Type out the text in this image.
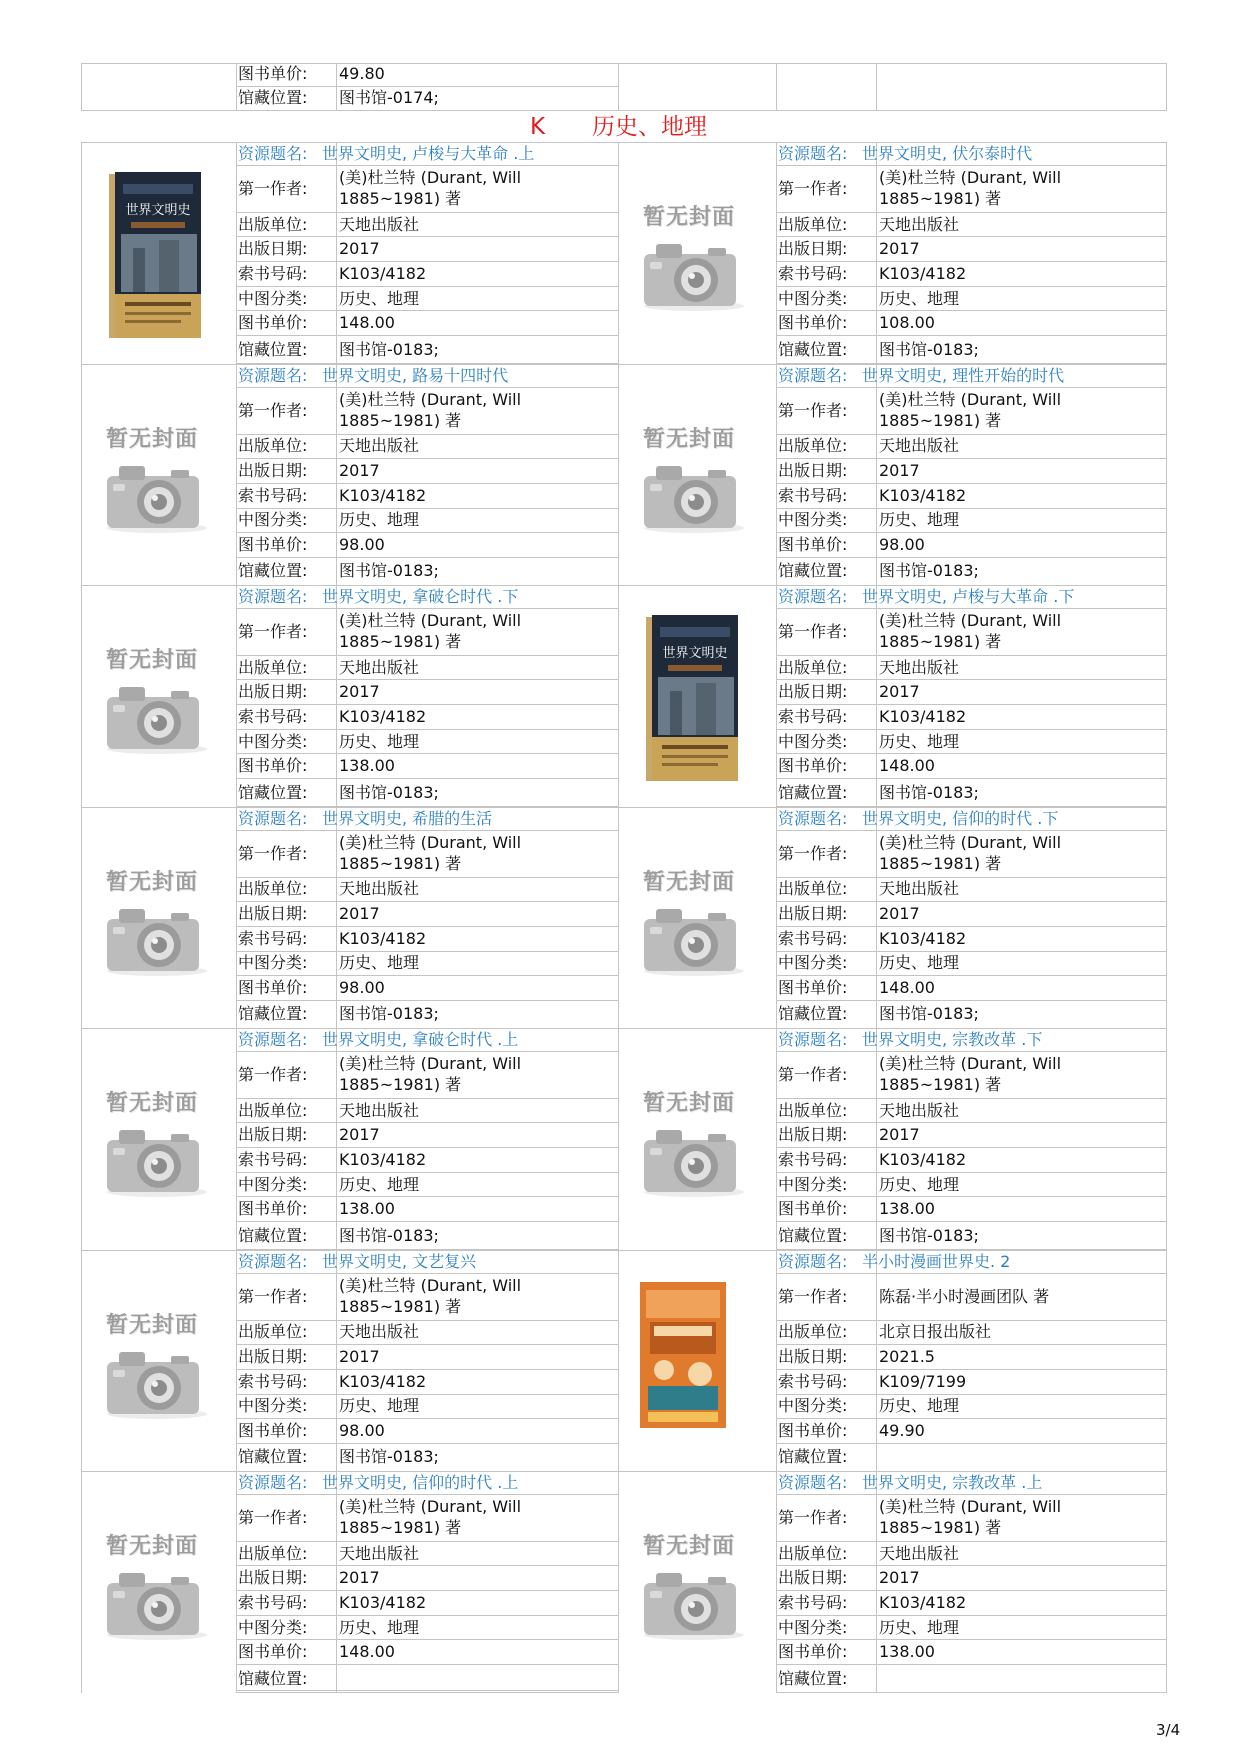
图书单价: 49.80
馆藏位置: 图书馆-0174;
K 历史、地理
资源题名: 世界文明史, 卢梭与大革命 .上
第一作者:
(美)杜兰特 (Durant, Will
1885~1981) 著
出版单位: 天地出版社
出版日期: 2017
索书号码: K103/4182
中图分类: 历史、地理
图书单价: 148.00
馆藏位置: 图书馆-0183;
世界文明史
资源题名: 世界文明史, 伏尔泰时代
第一作者:
(美)杜兰特 (Durant, Will
1885~1981) 著
出版单位: 天地出版社
出版日期: 2017
索书号码: K103/4182
中图分类: 历史、地理
图书单价: 108.00
馆藏位置: 图书馆-0183;
暂无封面
资源题名: 世界文明史, 路易十四时代
第一作者:
(美)杜兰特 (Durant, Will
1885~1981) 著
出版单位: 天地出版社
出版日期: 2017
索书号码: K103/4182
中图分类: 历史、地理
图书单价: 98.00
馆藏位置: 图书馆-0183;
暂无封面
资源题名: 世界文明史, 理性开始的时代
第一作者:
(美)杜兰特 (Durant, Will
1885~1981) 著
出版单位: 天地出版社
出版日期: 2017
索书号码: K103/4182
中图分类: 历史、地理
图书单价: 98.00
馆藏位置: 图书馆-0183;
暂无封面
资源题名: 世界文明史, 拿破仑时代 .下
第一作者:
(美)杜兰特 (Durant, Will
1885~1981) 著
出版单位: 天地出版社
出版日期: 2017
索书号码: K103/4182
中图分类: 历史、地理
图书单价: 138.00
馆藏位置: 图书馆-0183;
暂无封面
资源题名: 世界文明史, 卢梭与大革命 .下
第一作者:
(美)杜兰特 (Durant, Will
1885~1981) 著
出版单位: 天地出版社
出版日期: 2017
索书号码: K103/4182
中图分类: 历史、地理
图书单价: 148.00
馆藏位置: 图书馆-0183;
世界文明史
资源题名: 世界文明史, 希腊的生活
第一作者:
(美)杜兰特 (Durant, Will
1885~1981) 著
出版单位: 天地出版社
出版日期: 2017
索书号码: K103/4182
中图分类: 历史、地理
图书单价: 98.00
馆藏位置: 图书馆-0183;
暂无封面
资源题名: 世界文明史, 信仰的时代 .下
第一作者:
(美)杜兰特 (Durant, Will
1885~1981) 著
出版单位: 天地出版社
出版日期: 2017
索书号码: K103/4182
中图分类: 历史、地理
图书单价: 148.00
馆藏位置: 图书馆-0183;
暂无封面
资源题名: 世界文明史, 拿破仑时代 .上
第一作者:
(美)杜兰特 (Durant, Will
1885~1981) 著
出版单位: 天地出版社
出版日期: 2017
索书号码: K103/4182
中图分类: 历史、地理
图书单价: 138.00
馆藏位置: 图书馆-0183;
暂无封面
资源题名: 世界文明史, 宗教改革 .下
第一作者:
(美)杜兰特 (Durant, Will
1885~1981) 著
出版单位: 天地出版社
出版日期: 2017
索书号码: K103/4182
中图分类: 历史、地理
图书单价: 138.00
馆藏位置: 图书馆-0183;
暂无封面
资源题名: 世界文明史, 文艺复兴
第一作者:
(美)杜兰特 (Durant, Will
1885~1981) 著
出版单位: 天地出版社
出版日期: 2017
索书号码: K103/4182
中图分类: 历史、地理
图书单价: 98.00
馆藏位置: 图书馆-0183;
暂无封面
资源题名: 半小时漫画世界史. 2
第一作者: 陈磊·半小时漫画团队 著
出版单位: 北京日报出版社
出版日期: 2021.5
索书号码: K109/7199
中图分类: 历史、地理
图书单价: 49.90
馆藏位置:
资源题名: 世界文明史, 信仰的时代 .上
第一作者:
(美)杜兰特 (Durant, Will
1885~1981) 著
出版单位: 天地出版社
出版日期: 2017
索书号码: K103/4182
中图分类: 历史、地理
图书单价: 148.00
馆藏位置:
暂无封面
资源题名: 世界文明史, 宗教改革 .上
第一作者:
(美)杜兰特 (Durant, Will
1885~1981) 著
出版单位: 天地出版社
出版日期: 2017
索书号码: K103/4182
中图分类: 历史、地理
图书单价: 138.00
馆藏位置:
暂无封面
3/4
